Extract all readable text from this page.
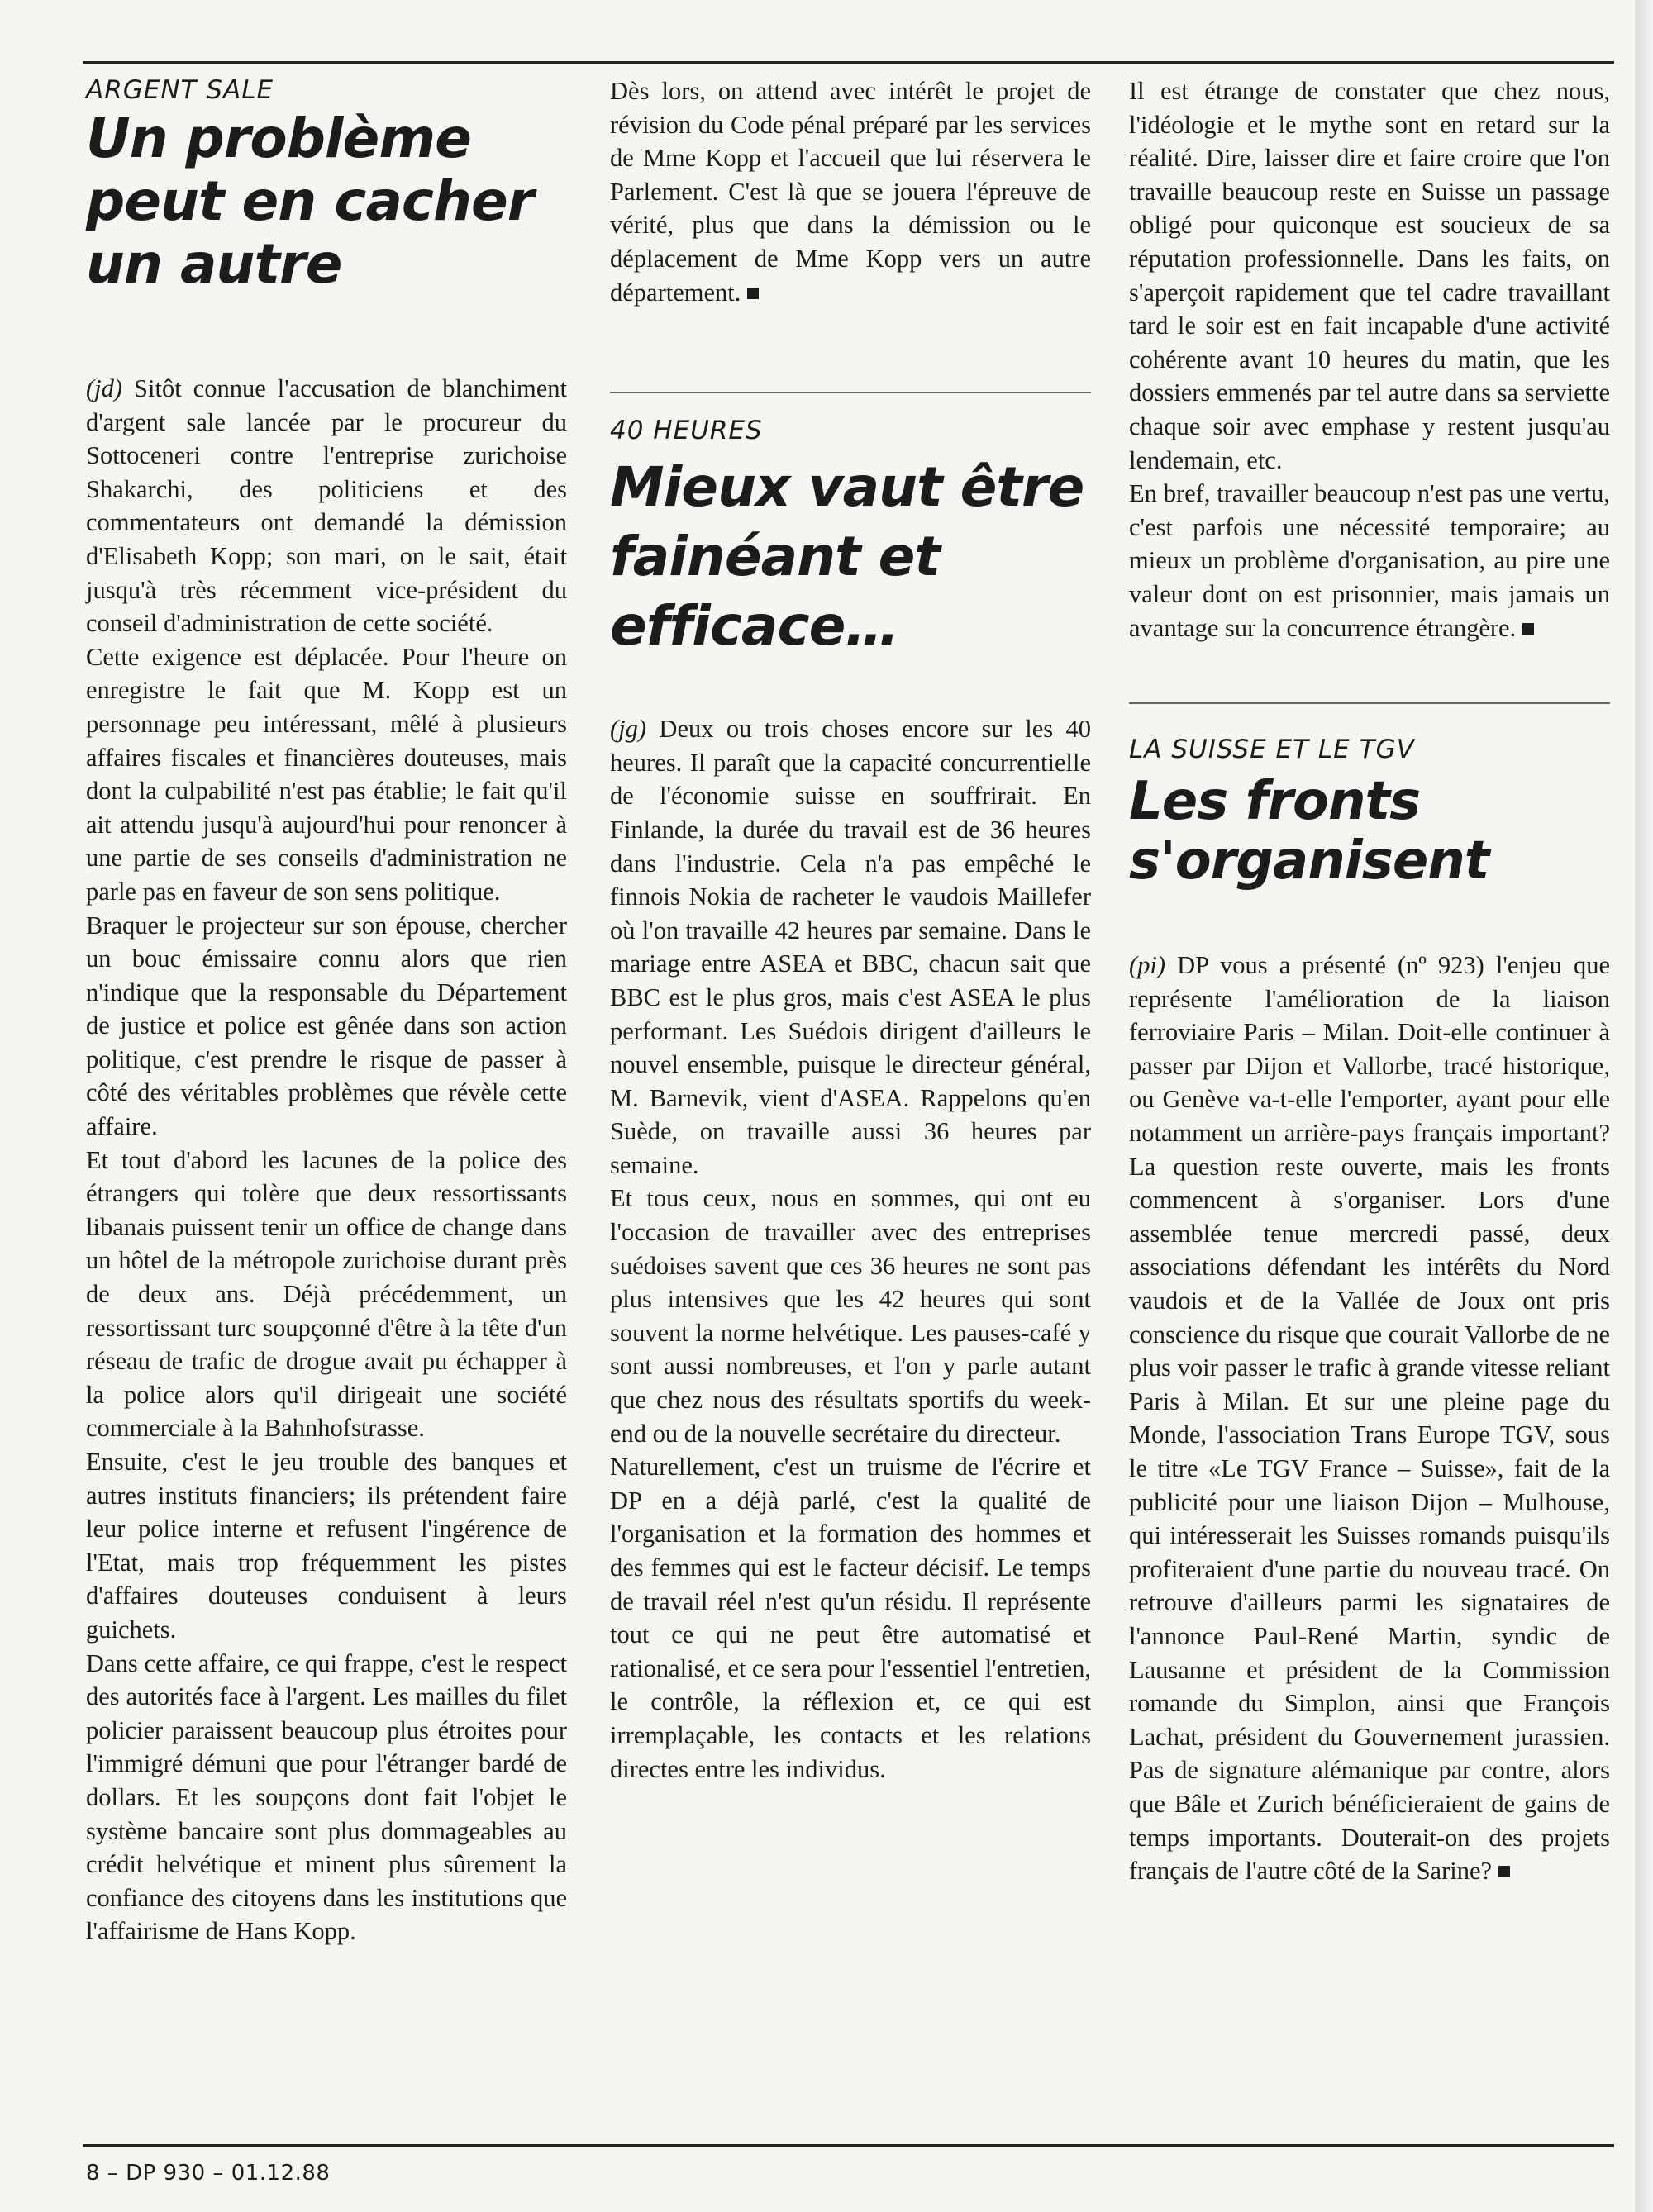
ARGENT SALE

Un problème peut en cacher un autre

(jd) Sitôt connue l'accusation de blanchiment d'argent sale lancée par le procureur du Sottoceneri contre l'entreprise zurichoise Shakarchi, des politiciens et des commentateurs ont demandé la démission d'Elisabeth Kopp; son mari, on le sait, était jusqu'à très récemment vice-président du conseil d'administration de cette société.

Cette exigence est déplacée. Pour l'heure on enregistre le fait que M. Kopp est un personnage peu intéressant, mêlé à plusieurs affaires fiscales et financières douteuses, mais dont la culpabilité n'est pas établie; le fait qu'il ait attendu jusqu'à aujourd'hui pour renoncer à une partie de ses conseils d'administration ne parle pas en faveur de son sens politique.

Braquer le projecteur sur son épouse, chercher un bouc émissaire connu alors que rien n'indique que la responsable du Département de justice et police est gênée dans son action politique, c'est prendre le risque de passer à côté des véritables problèmes que révèle cette affaire.

Et tout d'abord les lacunes de la police des étrangers qui tolère que deux ressortissants libanais puissent tenir un office de change dans un hôtel de la métropole zurichoise durant près de deux ans. Déjà précédemment, un ressortissant turc soupçonné d'être à la tête d'un réseau de trafic de drogue avait pu échapper à la police alors qu'il dirigeait une société commerciale à la Bahnhofstrasse.

Ensuite, c'est le jeu trouble des banques et autres instituts financiers; ils prétendent faire leur police interne et refusent l'ingérence de l'Etat, mais trop fréquemment les pistes d'affaires douteuses conduisent à leurs guichets.

Dans cette affaire, ce qui frappe, c'est le respect des autorités face à l'argent. Les mailles du filet policier paraissent beaucoup plus étroites pour l'immigré démuni que pour l'étranger bardé de dollars. Et les soupçons dont fait l'objet le système bancaire sont plus dommageables au crédit helvétique et minent plus sûrement la confiance des citoyens dans les institutions que l'affairisme de Hans Kopp.

Dès lors, on attend avec intérêt le projet de révision du Code pénal préparé par les services de Mme Kopp et l'accueil que lui réservera le Parlement. C'est là que se jouera l'épreuve de vérité, plus que dans la démission ou le déplacement de Mme Kopp vers un autre département.

40 HEURES

Mieux vaut être fainéant et efficace…

(jg) Deux ou trois choses encore sur les 40 heures. Il paraît que la capacité concurrentielle de l'économie suisse en souffrirait. En Finlande, la durée du travail est de 36 heures dans l'industrie. Cela n'a pas empêché le finnois Nokia de racheter le vaudois Maillefer où l'on travaille 42 heures par semaine. Dans le mariage entre ASEA et BBC, chacun sait que BBC est le plus gros, mais c'est ASEA le plus performant. Les Suédois dirigent d'ailleurs le nouvel ensemble, puisque le directeur général, M. Barnevik, vient d'ASEA. Rappelons qu'en Suède, on travaille aussi 36 heures par semaine.

Et tous ceux, nous en sommes, qui ont eu l'occasion de travailler avec des entreprises suédoises savent que ces 36 heures ne sont pas plus intensives que les 42 heures qui sont souvent la norme helvétique. Les pauses-café y sont aussi nombreuses, et l'on y parle autant que chez nous des résultats sportifs du week-end ou de la nouvelle secrétaire du directeur.

Naturellement, c'est un truisme de l'écrire et DP en a déjà parlé, c'est la qualité de l'organisation et la formation des hommes et des femmes qui est le facteur décisif. Le temps de travail réel n'est qu'un résidu. Il représente tout ce qui ne peut être automatisé et rationalisé, et ce sera pour l'essentiel l'entretien, le contrôle, la réflexion et, ce qui est irremplaçable, les contacts et les relations directes entre les individus.

Il est étrange de constater que chez nous, l'idéologie et le mythe sont en retard sur la réalité. Dire, laisser dire et faire croire que l'on travaille beaucoup reste en Suisse un passage obligé pour quiconque est soucieux de sa réputation professionnelle. Dans les faits, on s'aperçoit rapidement que tel cadre travaillant tard le soir est en fait incapable d'une activité cohérente avant 10 heures du matin, que les dossiers emmenés par tel autre dans sa serviette chaque soir avec emphase y restent jusqu'au lendemain, etc.

En bref, travailler beaucoup n'est pas une vertu, c'est parfois une nécessité temporaire; au mieux un problème d'organisation, au pire une valeur dont on est prisonnier, mais jamais un avantage sur la concurrence étrangère.

LA SUISSE ET LE TGV

Les fronts s'organisent

(pi) DP vous a présenté (nº 923) l'enjeu que représente l'amélioration de la liaison ferroviaire Paris – Milan. Doit-elle continuer à passer par Dijon et Vallorbe, tracé historique, ou Genève va-t-elle l'emporter, ayant pour elle notamment un arrière-pays français important? La question reste ouverte, mais les fronts commencent à s'organiser. Lors d'une assemblée tenue mercredi passé, deux associations défendant les intérêts du Nord vaudois et de la Vallée de Joux ont pris conscience du risque que courait Vallorbe de ne plus voir passer le trafic à grande vitesse reliant Paris à Milan. Et sur une pleine page du Monde, l'association Trans Europe TGV, sous le titre «Le TGV France – Suisse», fait de la publicité pour une liaison Dijon – Mulhouse, qui intéresserait les Suisses romands puisqu'ils profiteraient d'une partie du nouveau tracé. On retrouve d'ailleurs parmi les signataires de l'annonce Paul-René Martin, syndic de Lausanne et président de la Commission romande du Simplon, ainsi que François Lachat, président du Gouvernement jurassien. Pas de signature alémanique par contre, alors que Bâle et Zurich bénéficieraient de gains de temps importants. Douterait-on des projets français de l'autre côté de la Sarine?

8 – DP 930 – 01.12.88
